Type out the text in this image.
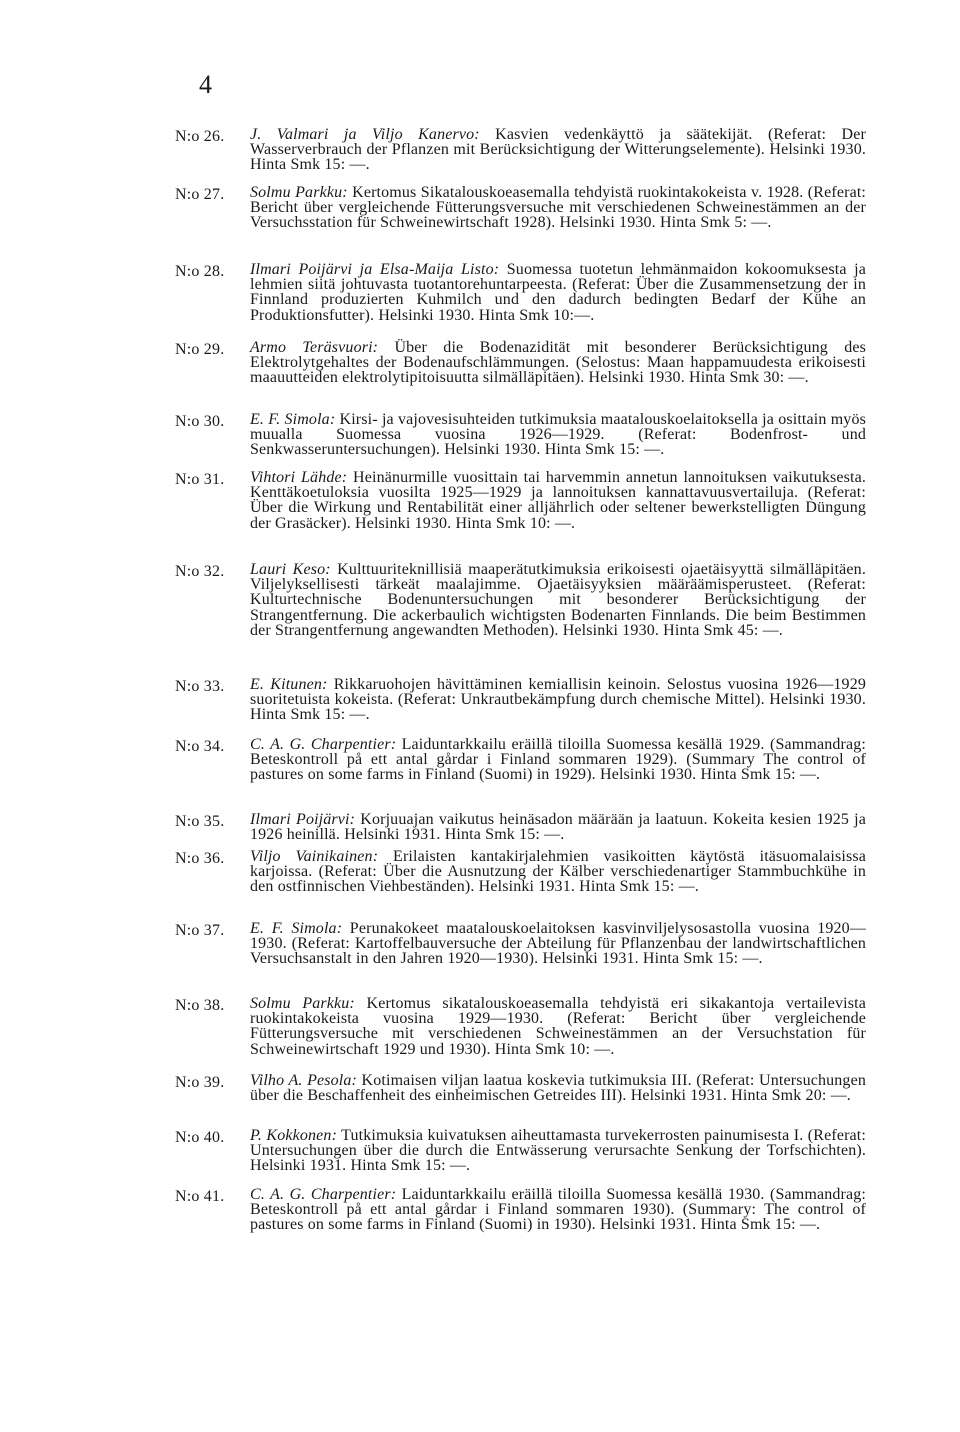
4
N:o 26. J. Valmari ja Viljo Kanervo: Kasvien vedenkäyttö ja säätekijät. (Referat: Der Wasserverbrauch der Pflanzen mit Berücksichtigung der Witterungselemente). Helsinki 1930. Hinta Smk 15: —.
N:o 27. Solmu Parkku: Kertomus Sikatalouskoeasemalla tehdyistä ruokintakokeista v. 1928. (Referat: Bericht über vergleichende Fütterungsversuche mit verschiedenen Schweinestämmen an der Versuchsstation für Schweinewirtschaft 1928). Helsinki 1930. Hinta Smk 5: —.
N:o 28. Ilmari Poijärvi ja Elsa-Maija Listo: Suomessa tuotetun lehmänmaidon kokoomuksesta ja lehmien siitä johtuvasta tuotantorehuntarpeesta. (Referat: Über die Zusammensetzung der in Finnland produzierten Kuhmilch und den dadurch bedingten Bedarf der Kühe an Produktionsfutter). Helsinki 1930. Hinta Smk 10:—.
N:o 29. Armo Teräsvuori: Über die Bodenazidität mit besonderer Berücksichtigung des Elektrolytgehaltes der Bodenaufschlämmungen. (Selostus: Maan happamuudesta erikoisesti maauutteiden elektrolytipitoisuutta silmälläpitäen). Helsinki 1930. Hinta Smk 30: —.
N:o 30. E. F. Simola: Kirsi- ja vajovesisuhteiden tutkimuksia maatalouskoelaitoksella ja osittain myös muualla Suomessa vuosina 1926—1929. (Referat: Bodenfrost- und Senkwasseruntersuchungen). Helsinki 1930. Hinta Smk 15: —.
N:o 31. Vihtori Lähde: Heinänurmille vuosittain tai harvemmin annetun lannoituksen vaikutuksesta. Kenttäkoetuloksia vuosilta 1925—1929 ja lannoituksen kannattavuusvertailuja. (Referat: Über die Wirkung und Rentabilität einer alljährlich oder seltener bewerkstelligten Düngung der Grasäcker). Helsinki 1930. Hinta Smk 10: —.
N:o 32. Lauri Keso: Kulttuuriteknillisiä maaperätutkimuksia erikoisesti ojaetäisyyttä silmälläpitäen. Viljelyksellisesti tärkeät maalajimme. Ojaetäisyyksien määräämisperusteet. (Referat: Kulturtechnische Bodenuntersuchungen mit besonderer Berücksichtigung der Strangentfernung. Die ackerbaulich wichtigsten Bodenarten Finnlands. Die beim Bestimmen der Strangentfernung angewandten Methoden). Helsinki 1930. Hinta Smk 45: —.
N:o 33. E. Kitunen: Rikkaruohojen hävittäminen kemiallisin keinoin. Selostus vuosina 1926—1929 suoritetuista kokeista. (Referat: Unkrautbekämpfung durch chemische Mittel). Helsinki 1930. Hinta Smk 15: —.
N:o 34. C. A. G. Charpentier: Laiduntarkkailu eräillä tiloilla Suomessa kesällä 1929. (Sammandrag: Beteskontroll på ett antal gårdar i Finland sommaren 1929). (Summary The control of pastures on some farms in Finland (Suomi) in 1929). Helsinki 1930. Hinta Smk 15: —.
N:o 35. Ilmari Poijärvi: Korjuuajan vaikutus heinäsadon määrään ja laatuun. Kokeita kesien 1925 ja 1926 heinillä. Helsinki 1931. Hinta Smk 15: —.
N:o 36. Viljo Vainikainen: Erilaisten kantakirjalehmien vasikoitten käytöstä itäsuomalaisissa karjoissa. (Referat: Über die Ausnutzung der Kälber verschiedenartiger Stammbuchkühe in den ostfinnischen Viehbeständen). Helsinki 1931. Hinta Smk 15: —.
N:o 37. E. F. Simola: Perunakokeet maatalouskoelaitoksen kasvinviljelysosastolla vuosina 1920—1930. (Referat: Kartoffelbauversuche der Abteilung für Pflanzenbau der landwirtschaftlichen Versuchsanstalt in den Jahren 1920—1930). Helsinki 1931. Hinta Smk 15: —.
N:o 38. Solmu Parkku: Kertomus sikatalouskoeasemalla tehdyistä eri sikakantoja vertailevista ruokintakokeista vuosina 1929—1930. (Referat: Bericht über vergleichende Fütterungsversuche mit verschiedenen Schweinestämmen an der Versuchstation für Schweinewirtschaft 1929 und 1930). Hinta Smk 10: —.
N:o 39. Vilho A. Pesola: Kotimaisen viljan laatua koskevia tutkimuksia III. (Referat: Untersuchungen über die Beschaffenheit des einheimischen Getreides III). Helsinki 1931. Hinta Smk 20: —.
N:o 40. P. Kokkonen: Tutkimuksia kuivatuksen aiheuttamasta turvekerrosten painumisesta I. (Referat: Untersuchungen über die durch die Entwässerung verursachte Senkung der Torfschichten). Helsinki 1931. Hinta Smk 15: —.
N:o 41. C. A. G. Charpentier: Laiduntarkkailu eräillä tiloilla Suomessa kesällä 1930. (Sammandrag: Beteskontroll på ett antal gårdar i Finland sommaren 1930). (Summary: The control of pastures on some farms in Finland (Suomi) in 1930). Helsinki 1931. Hinta Smk 15: —.
